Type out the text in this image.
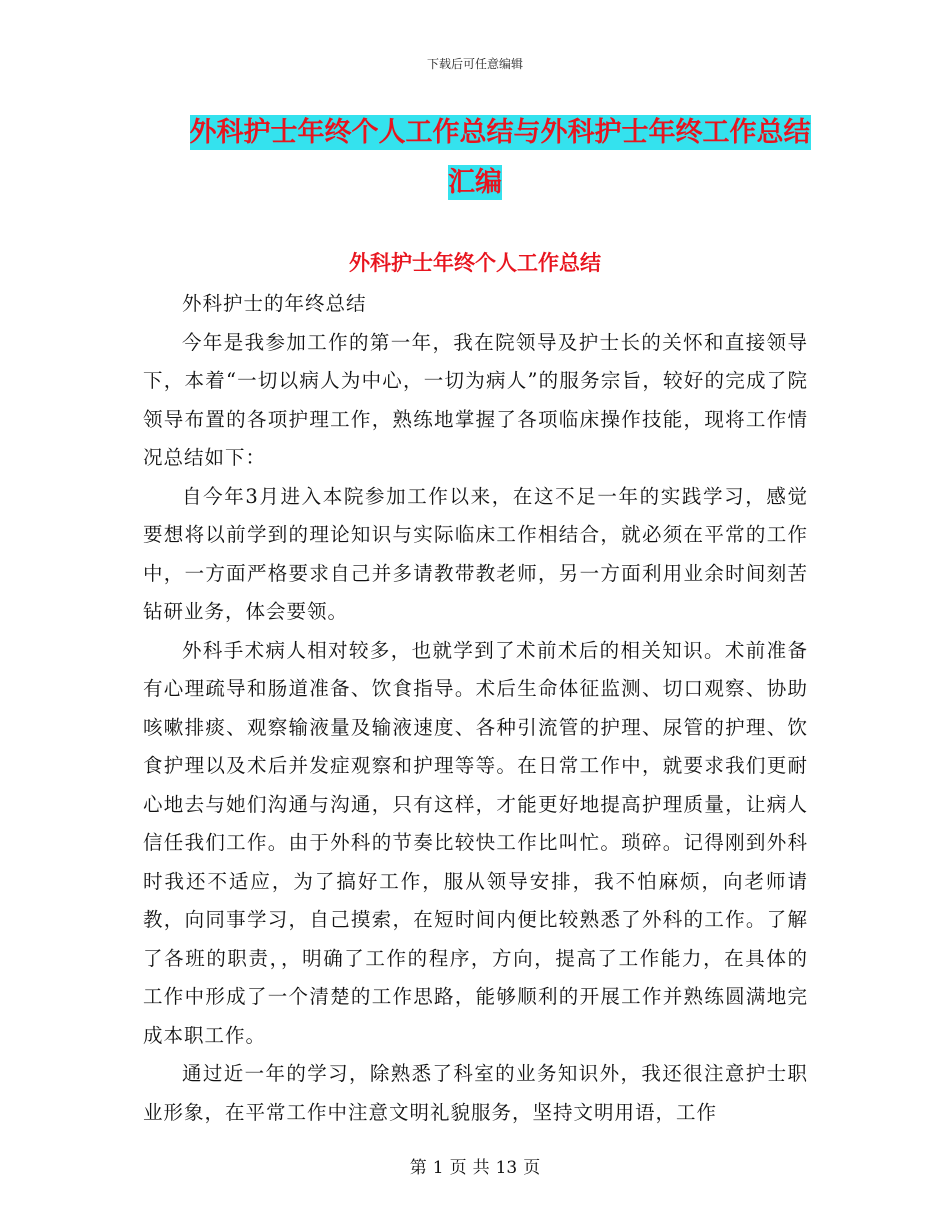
下载后可任意编辑
外科护士年终个人工作总结与外科护士年终工作总结
汇编
外科护士年终个人工作总结

外科护士的年终总结

今年是我参加工作的第一年，我在院领导及护士长的关怀和直接领导下，本着“一切以病人为中心，一切为病人”的服务宗旨，较好的完成了院领导布置的各项护理工作，熟练地掌握了各项临床操作技能，现将工作情况总结如下：

自今年3月进入本院参加工作以来，在这不足一年的实践学习，感觉要想将以前学到的理论知识与实际临床工作相结合，就必须在平常的工作中，一方面严格要求自己并多请教带教老师，另一方面利用业余时间刻苦钻研业务，体会要领。

外科手术病人相对较多，也就学到了术前术后的相关知识。术前准备有心理疏导和肠道准备、饮食指导。术后生命体征监测、切口观察、协助咳嗽排痰、观察输液量及输液速度、各种引流管的护理、尿管的护理、饮食护理以及术后并发症观察和护理等等。在日常工作中，就要求我们更耐心地去与她们沟通与沟通，只有这样，才能更好地提高护理质量，让病人信任我们工作。由于外科的节奏比较快工作比叫忙。琐碎。记得刚到外科时我还不适应，为了搞好工作，服从领导安排，我不怕麻烦，向老师请教，向同事学习，自己摸索，在短时间内便比较熟悉了外科的工作。了解了各班的职责，，明确了工作的程序，方向，提高了工作能力，在具体的工作中形成了一个清楚的工作思路，能够顺利的开展工作并熟练圆满地完成本职工作。

通过近一年的学习，除熟悉了科室的业务知识外，我还很注意护士职业形象，在平常工作中注意文明礼貌服务，坚持文明用语，工作

第 1 页 共 13 页
